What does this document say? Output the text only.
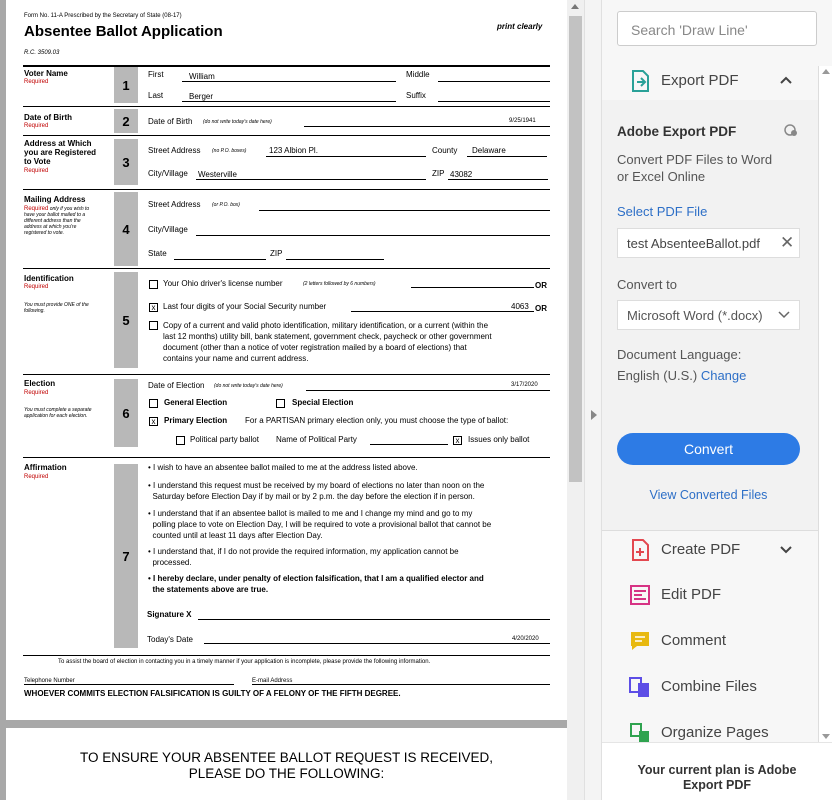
Form No. 11-A Prescribed by the Secretary of State (08-17)
Absentee Ballot Application	print clearly
R.C. 3509.03
Voter Name
Required	1
First	William	Middle
Last	Berger	Suffix
Date of Birth
Required	2	Date of Birth (do not write today's date here)	9/25/1941
Address at Which
you are Registered
to Vote
Required
3
Street Address (no P.O. boxes)	123 Albion Pl.	County Delaware
City/Village Westerville	ZIP 43082
Mailing Address
Required only if you wish to
have your ballot mailed to a
different address than the
address at which you're
registered to vote.	4
Street Address (or P.O. box)
City/Village
State	ZIP
Identification
Required
You must provide ONE of the
following.
5
Your Ohio driver's license number	(2 letters followed by 6 numbers)	OR
x Last four digits of your Social Security number	4063 OR
Copy of a current and valid photo identification, military identification, or a current (within the
last 12 months) utility bill, bank statement, government check, paycheck or other government
document (other than a notice of voter registration mailed by a board of elections) that
contains your name and current address.
Election
Required
You must complete a separate
application for each election.	6
Date of Election (do not write today's date here)	3/17/2020
General Election	Special Election
x	Primary Election For a PARTISAN primary election only, you must choose the type of ballot:
Political party ballot Name of Political Party	x	Issues only ballot
Affirmation
Required
7
• I wish to have an absentee ballot mailed to me at the address listed above.
• I understand this request must be received by my board of elections no later than noon on the
Saturday before Election Day if by mail or by 2 p.m. the day before the election if in person.
• I understand that if an absentee ballot is mailed to me and I change my mind and go to my
polling place to vote on Election Day, I will be required to vote a provisional ballot that cannot be
counted until at least 11 days after Election Day.
• I understand that, if I do not provide the required information, my application cannot be
processed.
• I hereby declare, under penalty of election falsification, that I am a qualified elector and
the statements above are true.
Signature X
Today's Date	4/20/2020
To assist the board of election in contacting you in a timely manner if your application is incomplete, please provide the following information.
Telephone Number	E-mail Address
WHOEVER COMMITS ELECTION FALSIFICATION IS GUILTY OF A FELONY OF THE FIFTH DEGREE.
TO ENSURE YOUR ABSENTEE BALLOT REQUEST IS RECEIVED,
PLEASE DO THE FOLLOWING:
Search 'Draw Line'
Export PDF
Adobe Export PDF
Convert PDF Files to Word
or Excel Online
Select PDF File
test AbsenteeBallot.pdf	✕
Convert to
Microsoft Word (*.docx)
Document Language:
English (U.S.) Change
Convert
View Converted Files
Create PDF
Edit PDF
Comment
Combine Files
Organize Pages
Your current plan is Adobe
Export PDF
